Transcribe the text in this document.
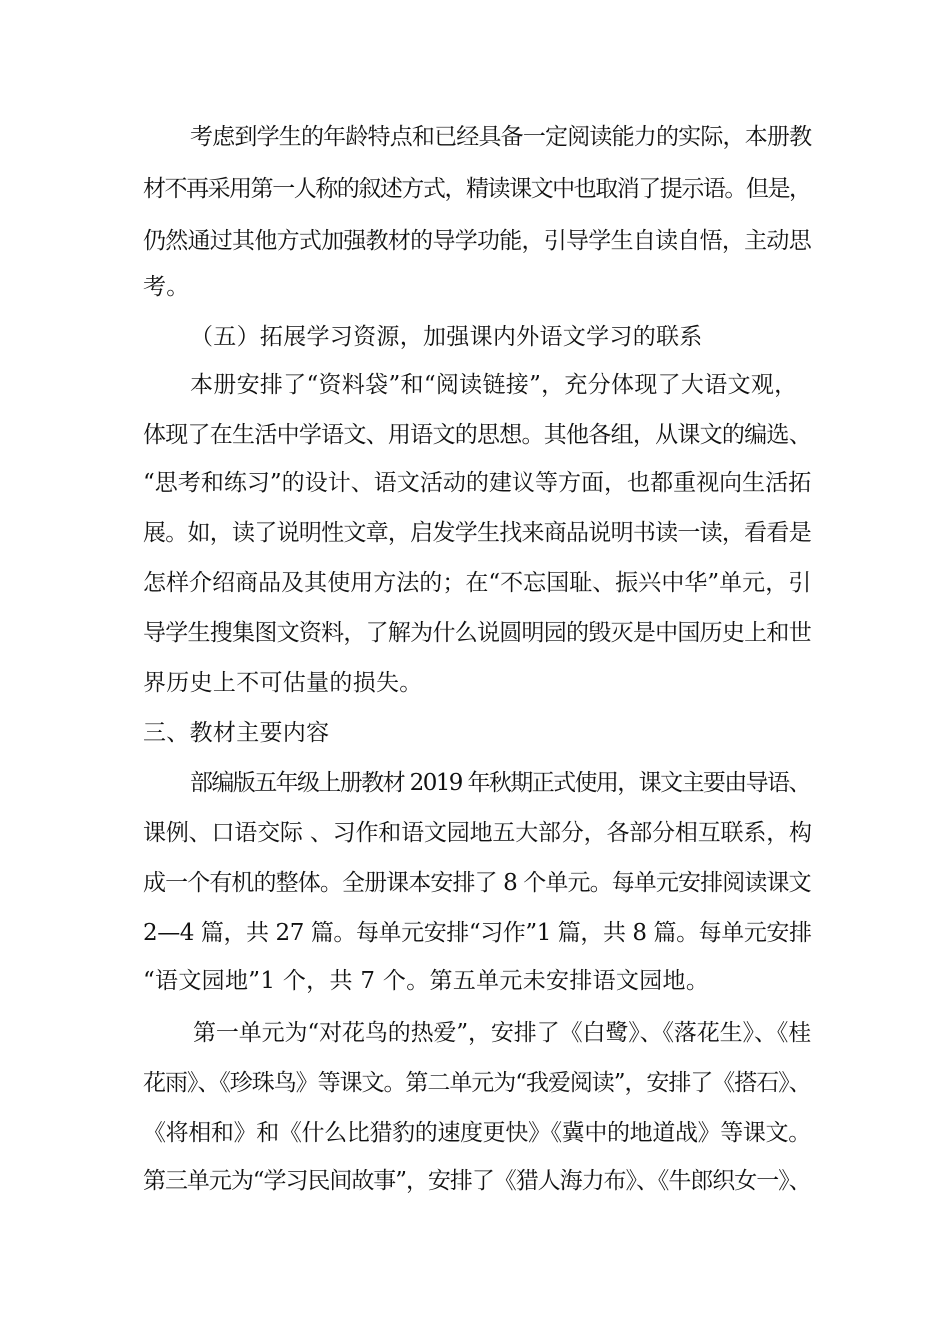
考虑到学生的年龄特点和已经具备一定阅读能力的实际，本册教
材不再采用第一人称的叙述方式，精读课文中也取消了提示语。但是，
仍然通过其他方式加强教材的导学功能，引导学生自读自悟，主动思
考。
（五）拓展学习资源，加强课内外语文学习的联系
本册安排了“资料袋”和“阅读链接”，充分体现了大语文观，
体现了在生活中学语文、用语文的思想。其他各组，从课文的编选、
“思考和练习”的设计、语文活动的建议等方面，也都重视向生活拓
展。如，读了说明性文章，启发学生找来商品说明书读一读，看看是
怎样介绍商品及其使用方法的；在“不忘国耻、振兴中华”单元，引
导学生搜集图文资料，了解为什么说圆明园的毁灭是中国历史上和世
界历史上不可估量的损失。
三、教材主要内容
部编版五年级上册教材 2019 年秋期正式使用，课文主要由导语、
课例、口语交际 、习作和语文园地五大部分，各部分相互联系，构
成一个有机的整体。全册课本安排了 8 个单元。每单元安排阅读课文
2—4 篇，共 27 篇。每单元安排“习作”1 篇，共 8 篇。每单元安排
“语文园地”1 个，共 7 个。第五单元未安排语文园地。
第一单元为“对花鸟的热爱”，安排了《白鹭》、《落花生》、《桂
花雨》、《珍珠鸟》等课文。第二单元为“我爱阅读”，安排了《搭石》、
《将相和》和《什么比猎豹的速度更快》《冀中的地道战》等课文。
第三单元为“学习民间故事”，安排了《猎人海力布》、《牛郎织女一》、
